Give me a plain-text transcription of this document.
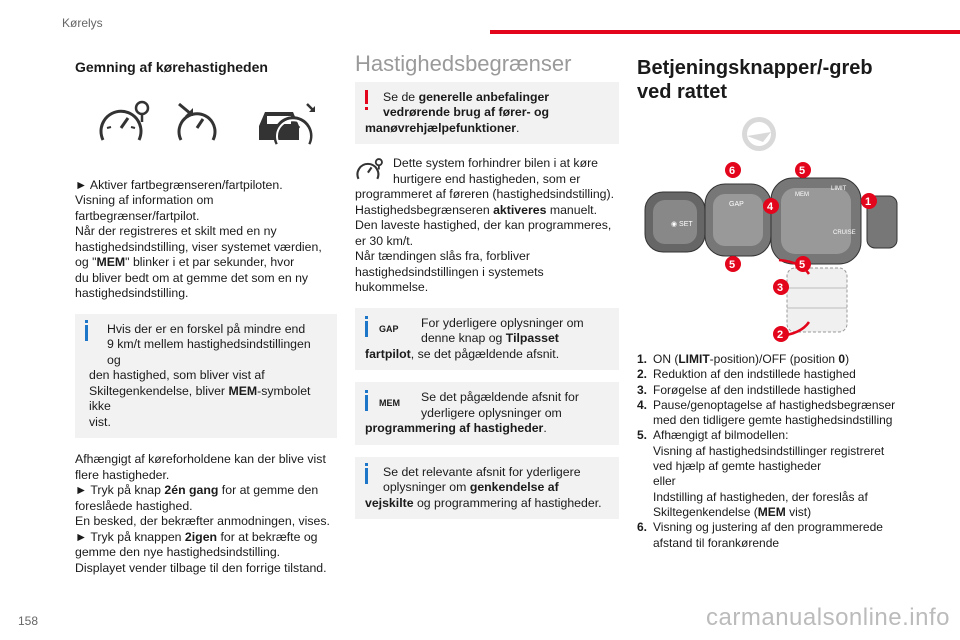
Kørelys

Gemning af kørehastigheden

► Aktiver fartbegrænseren/fartpiloten.
Visning af information om fartbegrænser/fartpilot.
Når der registreres et skilt med en ny
hastighedsindstilling, viser systemet værdien,
og "MEM" blinker i et par sekunder, hvor
du bliver bedt om at gemme det som en ny
hastighedsindstilling.

Hvis der er en forskel på mindre end
9 km/t mellem hastighedsindstillingen og

den hastighed, som bliver vist af
Skiltegenkendelse, bliver MEM-symbolet ikke
vist.

Afhængigt af køreforholdene kan der blive vist
flere hastigheder.
► Tryk på knap 2én gang for at gemme den
foreslåede hastighed.
En besked, der bekræfter anmodningen, vises.
► Tryk på knappen 2igen for at bekræfte og
gemme den nye hastighedsindstilling.
Displayet vender tilbage til den forrige tilstand.

Hastighedsbegrænser

Se de generelle anbefalinger
vedrørende brug af fører- og

manøvrehjælpefunktioner.
Dette system forhindrer bilen i at køre
hurtigere end hastigheden, som er
programmeret af føreren (hastighedsindstilling).
Hastighedsbegrænseren aktiveres manuelt.
Den laveste hastighed, der kan programmeres,
er 30 km/t.
Når tændingen slås fra, forbliver
hastighedsindstillingen i systemets hukommelse.
GAP	For yderligere oplysninger om
denne knap og Tilpasset

fartpilot, se det pågældende afsnit.
MEM	Se det pågældende afsnit for
yderligere oplysninger om

programmering af hastigheder.
Se det relevante afsnit for yderligere
oplysninger om genkendelse af

vejskilte og programmering af hastigheder.

Betjeningsknapper/-greb
ved rattet

◉ SET
GAP
MEM
LIMIT
CRUISE
6	5
4
5	5
1
3
2
1. ON (LIMIT-position)/OFF (position 0)
2. Reduktion af den indstillede hastighed
3. Forøgelse af den indstillede hastighed
4. Pause/genoptagelse af hastighedsbegrænser
med den tidligere gemte hastighedsindstilling
5. Afhængigt af bilmodellen:
Visning af hastighedsindstillinger registreret
ved hjælp af gemte hastigheder
eller
Indstilling af hastigheden, der foreslås af
Skiltegenkendelse (MEM vist)
6. Visning og justering af den programmerede
afstand til forankørende
158	carmanualsonline.info
